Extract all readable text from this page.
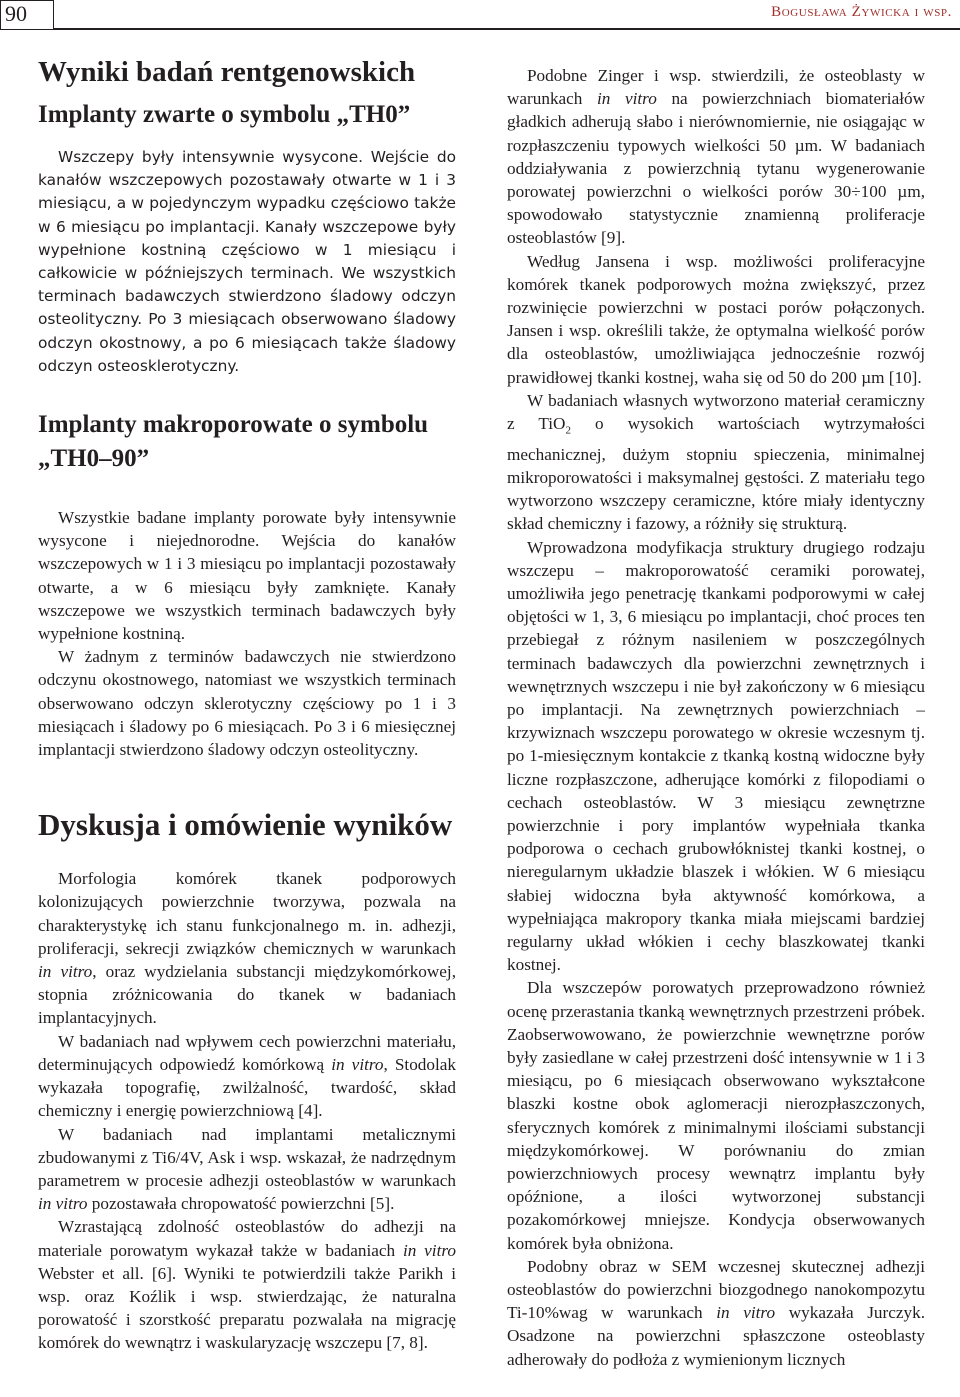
90	Bogusława Żywicka i wsp.
Wyniki badań rentgenowskich
Implanty zwarte o symbolu „TH0”

Wszczepy były intensywnie wysycone. Wejście do kanałów wszczepowych pozostawały otwarte w 1 i 3 miesiącu, a w pojedynczym wypadku częściowo także w 6 miesiącu po implantacji. Kanały wszczepowe były wypełnione kostniną częściowo w 1 miesiącu i całkowicie w późniejszych terminach. We wszystkich terminach badawczych stwierdzono śladowy odczyn osteolityczny. Po 3 miesiącach obserwowano śladowy odczyn okostnowy, a po 6 miesiącach także śladowy odczyn osteosklerotyczny.

Implanty makroporowate o symbolu
„TH0–90”

Wszystkie badane implanty porowate były intensywnie wysycone i niejednorodne. Wejścia do kanałów wszczepowych w 1 i 3 miesiącu po implantacji pozostawały otwarte, a w 6 miesiącu były zamknięte. Kanały wszczepowe we wszystkich terminach badawczych były wypełnione kostniną.

W żadnym z terminów badawczych nie stwierdzono odczynu okostnowego, natomiast we wszystkich terminach obserwowano odczyn sklerotyczny częściowy po 1 i 3 miesiącach i śladowy po 6 miesiącach. Po 3 i 6 miesięcznej implantacji stwierdzono śladowy odczyn osteolityczny.

Dyskusja i omówienie wyników

Morfologia komórek tkanek podporowych kolonizujących powierzchnie tworzywa, pozwala na charakterystykę ich stanu funkcjonalnego m. in. adhezji, proliferacji, sekrecji związków chemicznych w warunkach in vitro, oraz wydzielania substancji międzykomórkowej, stopnia zróżnicowania do tkanek w badaniach implantacyjnych.

W badaniach nad wpływem cech powierzchni materiału, determinujących odpowiedź komórkową in vitro, Stodolak wykazała topografię, zwilżalność, twardość, skład chemiczny i energię powierzchniową [4].

W badaniach nad implantami metalicznymi zbudowanymi z Ti6/4V, Ask i wsp. wskazał, że nadrzędnym parametrem w procesie adhezji osteoblastów w warunkach in vitro pozostawała chropowatość powierzchni [5].

Wzrastającą zdolność osteoblastów do adhezji na materiale porowatym wykazał także w badaniach in vitro Webster et all. [6]. Wyniki te potwierdzili także Parikh i wsp. oraz Koźlik i wsp. stwierdzając, że naturalna porowatość i szorstkość preparatu pozwalała na migrację komórek do wewnątrz i waskularyzację wszczepu [7, 8].

Podobne Zinger i wsp. stwierdzili, że osteoblasty w warunkach in vitro na powierzchniach biomateriałów gładkich adherują słabo i nierównomiernie, nie osiągając w rozpłaszczeniu typowych wielkości 50 µm. W badaniach oddziaływania z powierzchnią tytanu wygenerowanie porowatej powierzchni o wielkości porów 30÷100 µm, spowodowało statystycznie znamienną proliferacje osteoblastów [9].

Według Jansena i wsp. możliwości proliferacyjne komórek tkanek podporowych można zwiększyć, przez rozwinięcie powierzchni w postaci porów połączonych. Jansen i wsp. określili także, że optymalna wielkość porów dla osteoblastów, umożliwiająca jednocześnie rozwój prawidłowej tkanki kostnej, waha się od 50 do 200 µm [10].

W badaniach własnych wytworzono materiał ceramiczny z TiO$_2$ o wysokich wartościach wytrzymałości mechanicznej, dużym stopniu spieczenia, minimalnej mikroporowatości i maksymalnej gęstości. Z materiału tego wytworzono wszczepy ceramiczne, które miały identyczny skład chemiczny i fazowy, a różniły się strukturą.

Wprowadzona modyfikacja struktury drugiego rodzaju wszczepu – makroporowatość ceramiki porowatej, umożliwiła jego penetrację tkankami podporowymi w całej objętości w 1, 3, 6 miesiącu po implantacji, choć proces ten przebiegał z różnym nasileniem w poszczególnych terminach badawczych dla powierzchni zewnętrznych i wewnętrznych wszczepu i nie był zakończony w 6 miesiącu po implantacji. Na zewnętrznych powierzchniach – krzywiznach wszczepu porowatego w okresie wczesnym tj. po 1-miesięcznym kontakcie z tkanką kostną widoczne były liczne rozpłaszczone, adherujące komórki z filopodiami o cechach osteoblastów. W 3 miesiącu zewnętrzne powierzchnie i pory implantów wypełniała tkanka podporowa o cechach grubowłóknistej tkanki kostnej, o nieregularnym układzie blaszek i włókien. W 6 miesiącu słabiej widoczna była aktywność komórkowa, a wypełniająca makropory tkanka miała miejscami bardziej regularny układ włókien i cechy blaszkowatej tkanki kostnej.

Dla wszczepów porowatych przeprowadzono również ocenę przerastania tkanką wewnętrznych przestrzeni próbek. Zaobserwowowano, że powierzchnie wewnętrzne porów były zasiedlane w całej przestrzeni dość intensywnie w 1 i 3 miesiącu, po 6 miesiącach obserwowano wykształcone blaszki kostne obok aglomeracji nierozpłaszczonych, sferycznych komórek z minimalnymi ilościami substancji międzykomórkowej. W porównaniu do zmian powierzchniowych procesy wewnątrz implantu były opóźnione, a ilości wytworzonej substancji pozakomórkowej mniejsze. Kondycja obserwowanych komórek była obniżona.

Podobny obraz w SEM wczesnej skutecznej adhezji osteoblastów do powierzchni biozgodnego nanokompozytu Ti-10%wag w warunkach in vitro wykazała Jurczyk. Osadzone na powierzchni spłaszczone osteoblasty adherowały do podłoża z wymienionym licznych
